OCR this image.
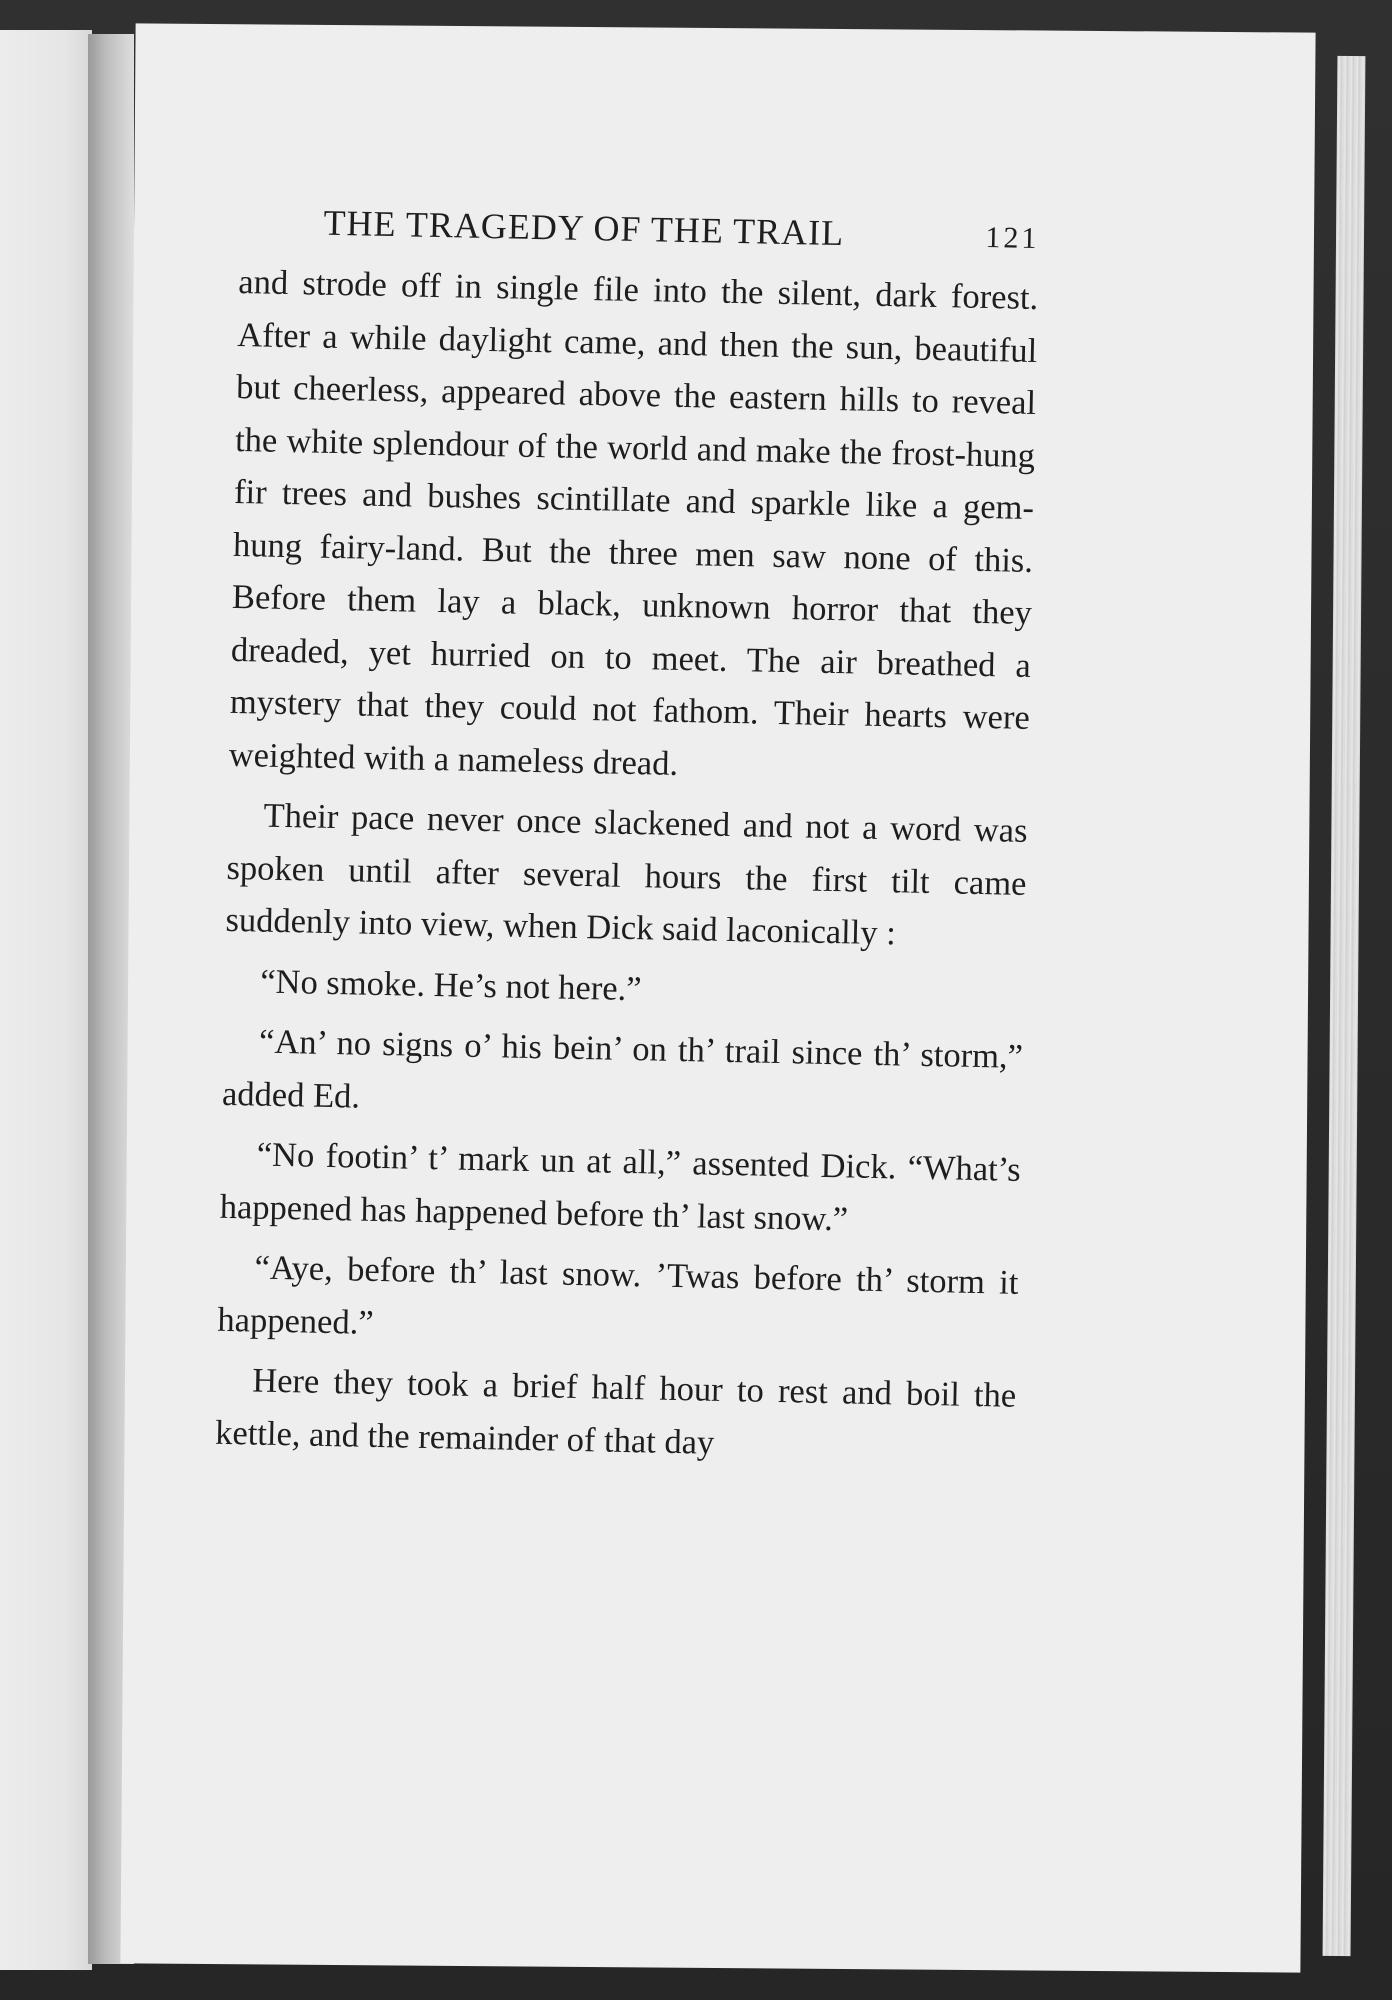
THE TRAGEDY OF THE TRAIL	121

and strode off in single file into the silent, dark forest. After a while daylight came, and then the sun, beautiful but cheerless, appeared above the eastern hills to reveal the white splendour of the world and make the frost-hung fir trees and bushes scintillate and sparkle like a gem-hung fairy-land. But the three men saw none of this. Before them lay a black, unknown horror that they dreaded, yet hurried on to meet. The air breathed a mystery that they could not fathom. Their hearts were weighted with a nameless dread.

Their pace never once slackened and not a word was spoken until after several hours the first tilt came suddenly into view, when Dick said laconically :

“No smoke. He’s not here.”

“An’ no signs o’ his bein’ on th’ trail since th’ storm,” added Ed.

“No footin’ t’ mark un at all,” assented Dick. “What’s happened has happened before th’ last snow.”

“Aye, before th’ last snow. ’Twas before th’ storm it happened.”

Here they took a brief half hour to rest and boil the kettle, and the remainder of that day
